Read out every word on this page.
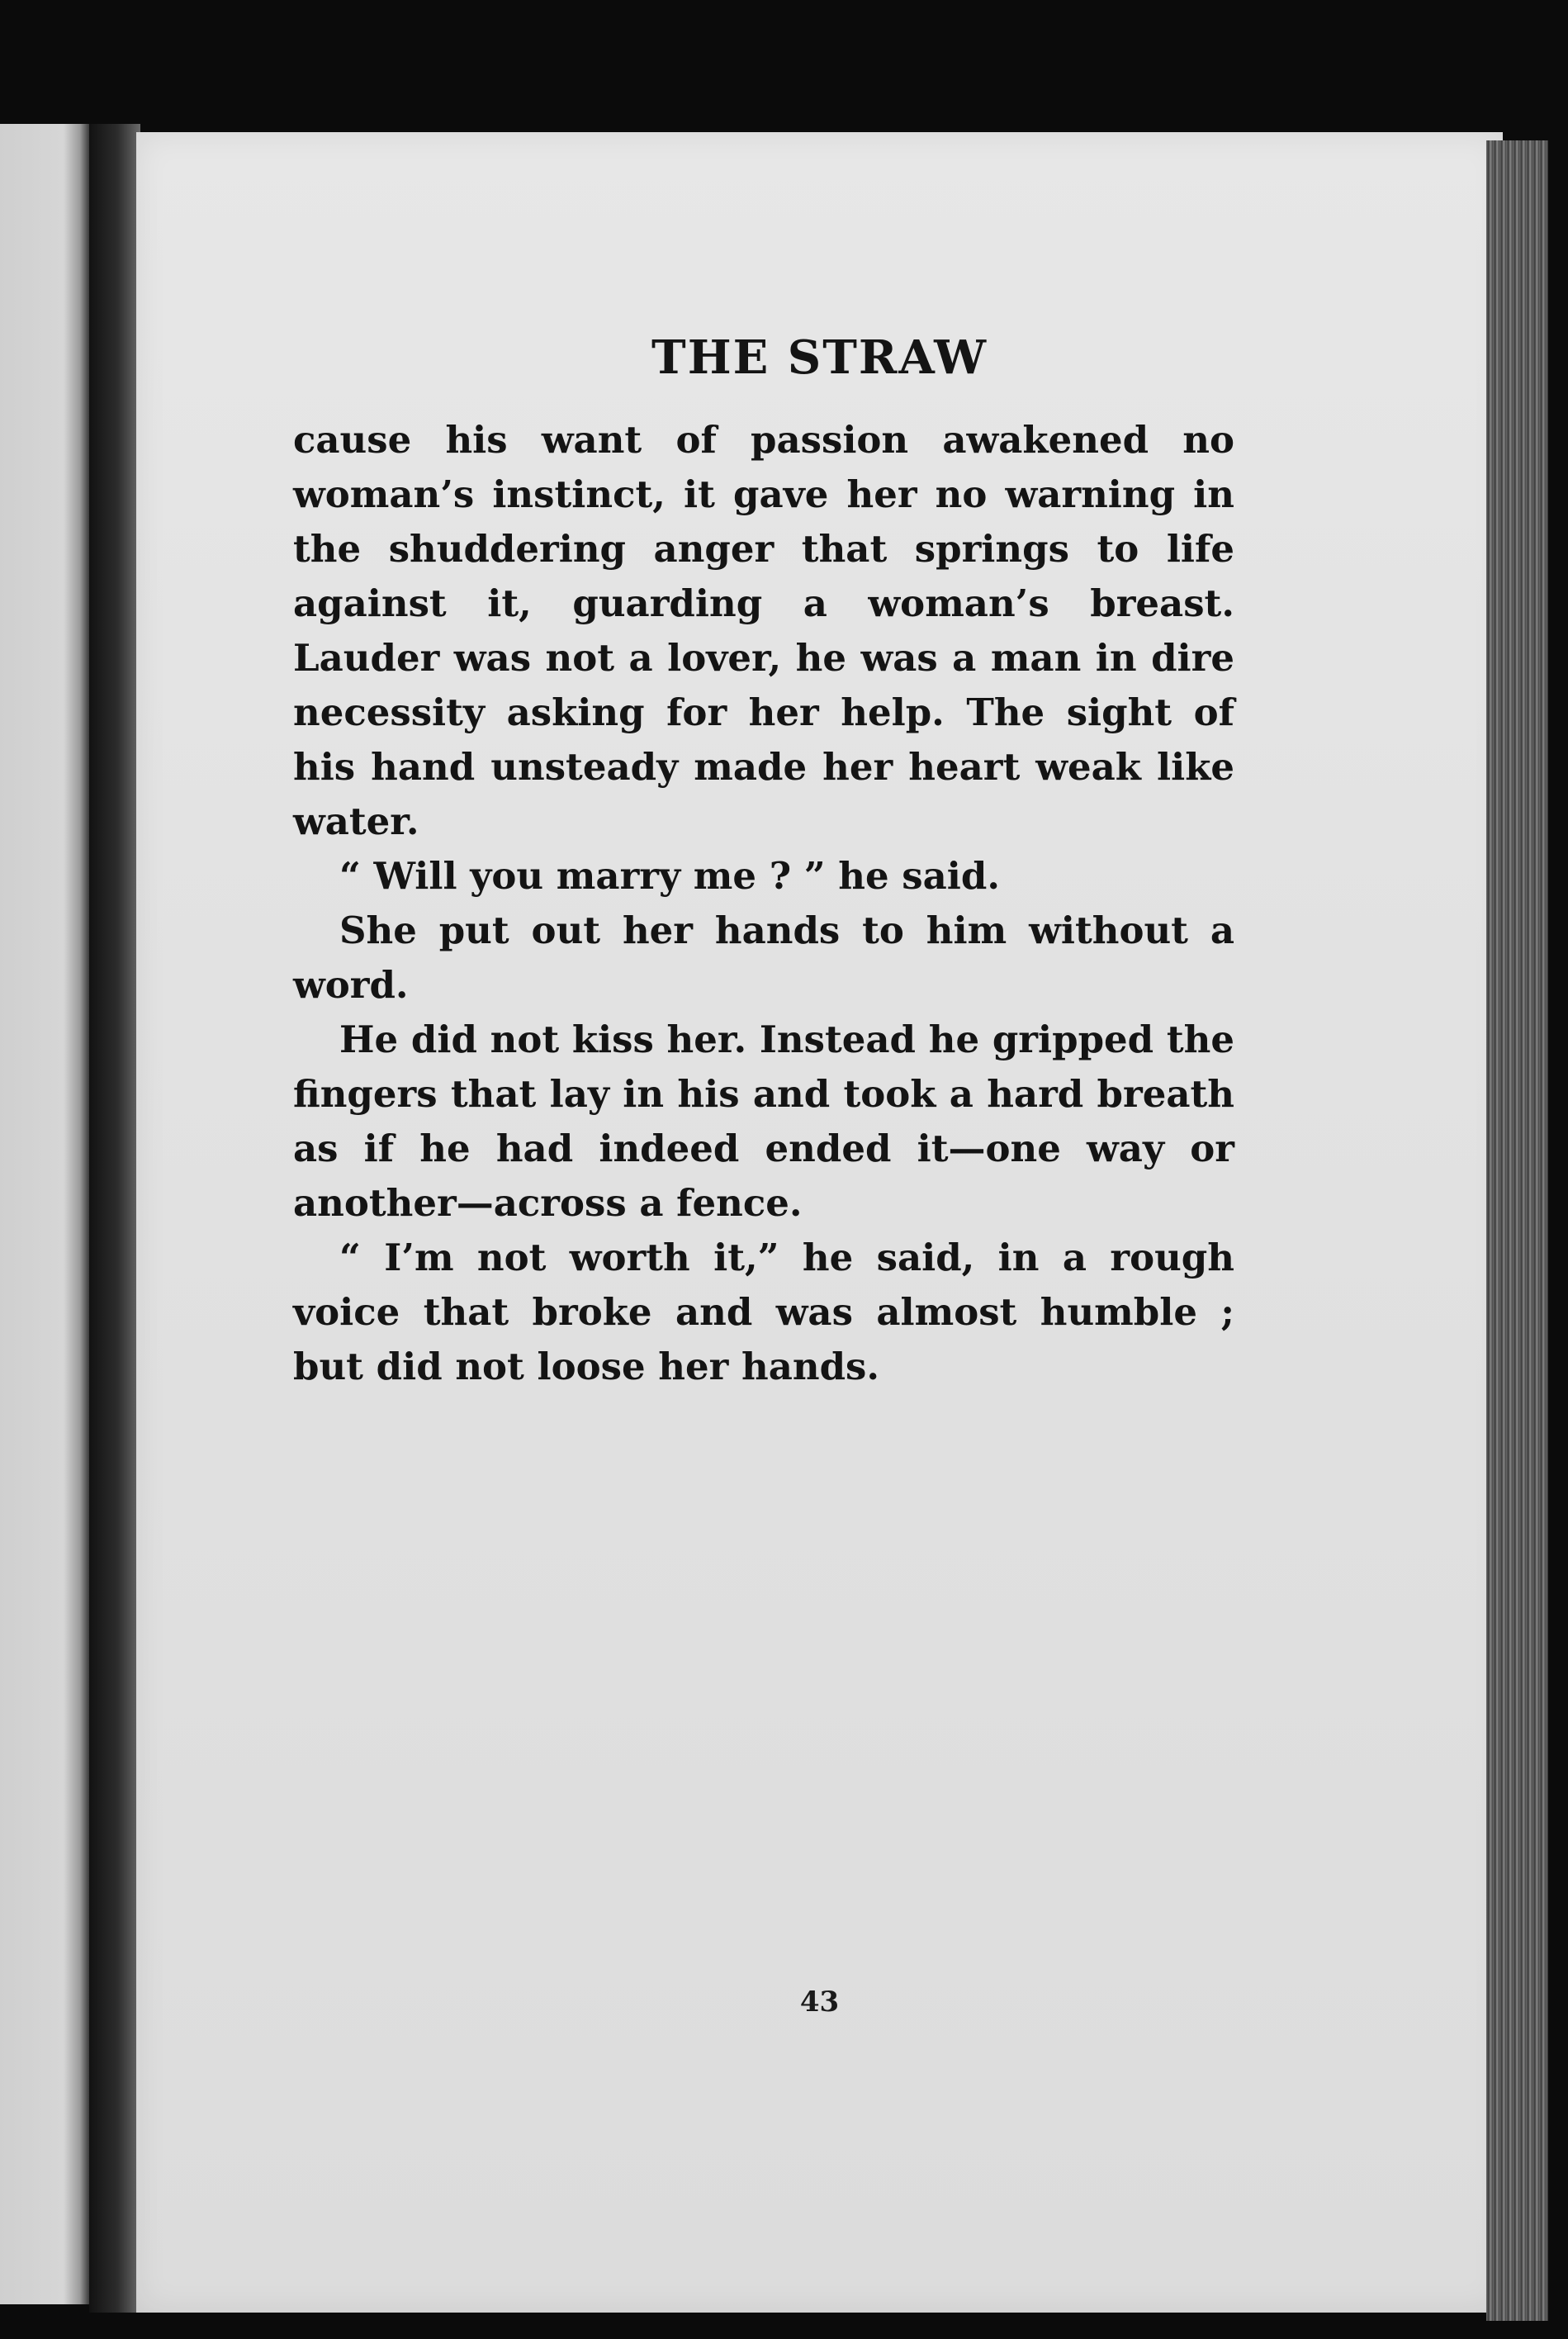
THE STRAW

cause his want of passion awakened no woman’s instinct, it gave her no warning in the shuddering anger that springs to life against it, guarding a woman’s breast. Lauder was not a lover, he was a man in dire necessity asking for her help. The sight of his hand unsteady made her heart weak like water.

“ Will you marry me ? ” he said.

She put out her hands to him without a word.

He did not kiss her. Instead he gripped the fingers that lay in his and took a hard breath as if he had indeed ended it—one way or another—across a fence.

“ I’m not worth it,” he said, in a rough voice that broke and was almost humble ; but did not loose her hands.

43
